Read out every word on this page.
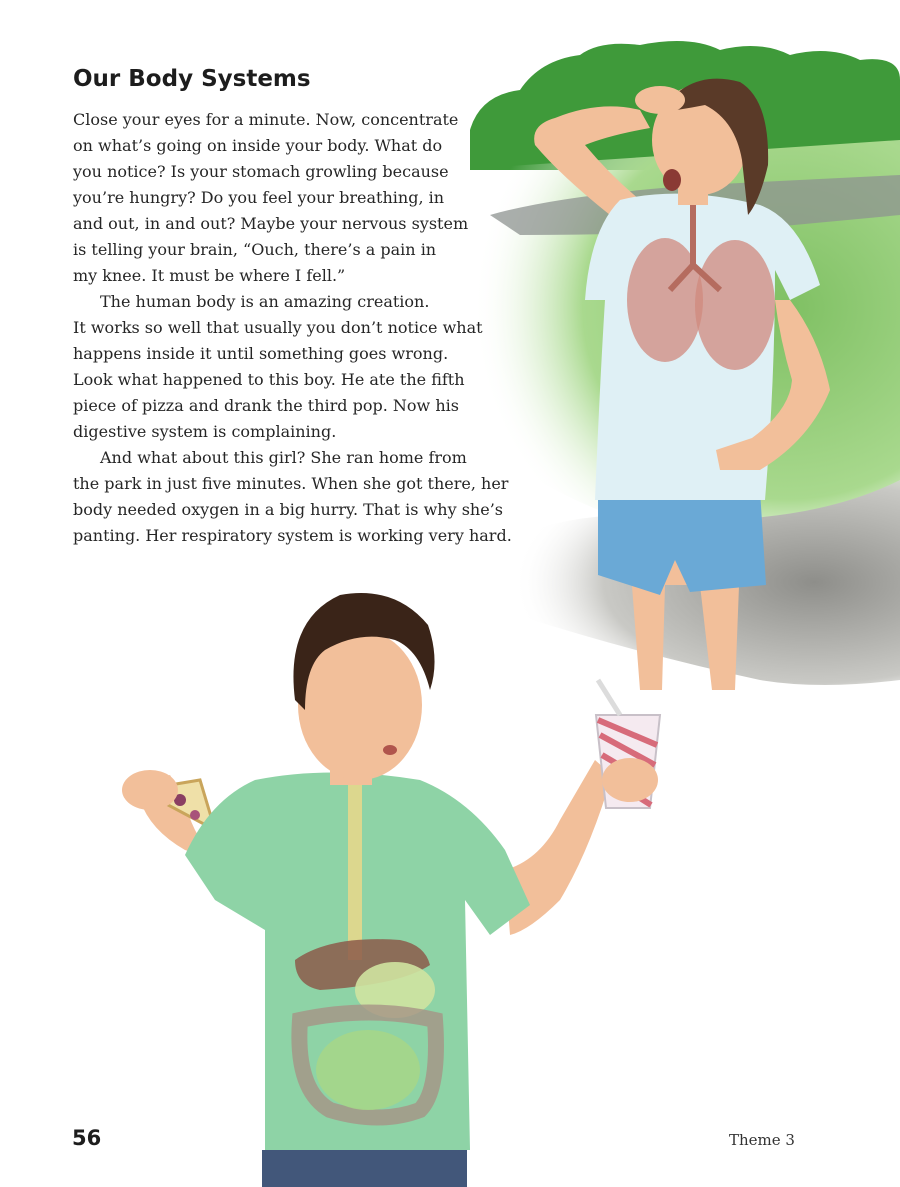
Our Body Systems
Close your eyes for a minute. Now, concentrate
on what’s going on inside your body. What do
you notice? Is your stomach growling because
you’re hungry? Do you feel your breathing, in
and out, in and out? Maybe your nervous system
is telling your brain, “Ouch, there’s a pain in
my knee. It must be where I fell.”
The human body is an amazing creation.
It works so well that usually you don’t notice what
happens inside it until something goes wrong.
Look what happened to this boy. He ate the fifth
piece of pizza and drank the third pop. Now his
digestive system is complaining.
And what about this girl? She ran home from
the park in just five minutes. When she got there, her
body needed oxygen in a big hurry. That is why she’s
panting. Her respiratory system is working very hard.
56	Theme 3
